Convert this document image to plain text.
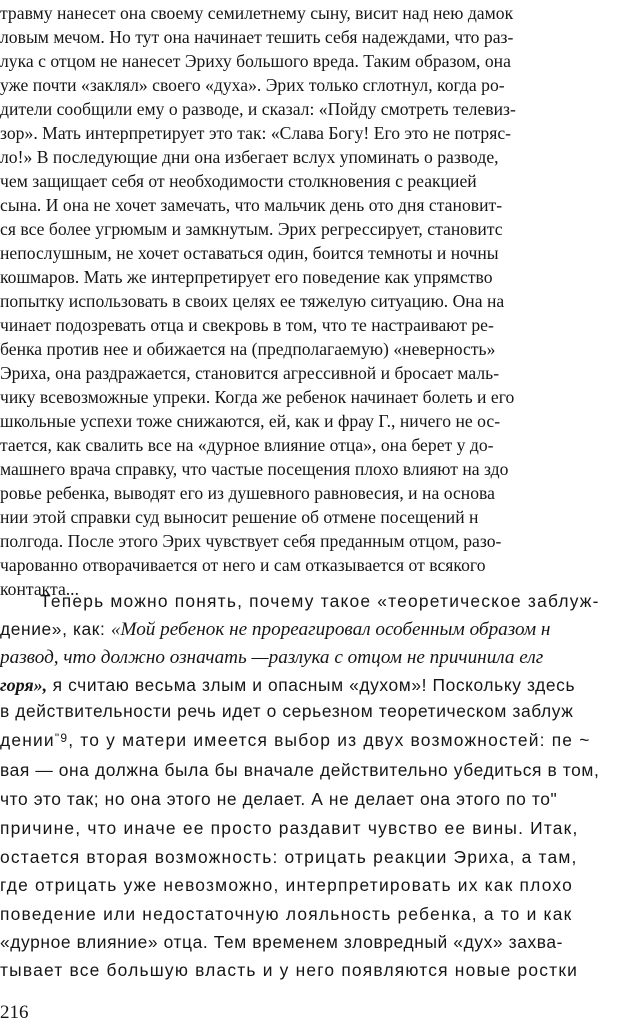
травму нанесет она своему семилетнему сыну, висит над нею дамок
ловым мечом. Но тут она начинает тешить себя надеждами, что раз-
лука с отцом не нанесет Эриху большого вреда. Таким образом, она
уже почти «заклял» своего «духа». Эрих только сглотнул, когда ро-
дители сообщили ему о разводе, и сказал: «Пойду смотреть телевиз-
зор». Мать интерпретирует это так: «Слава Богу! Его это не потряс-
ло!» В последующие дни она избегает вслух упоминать о разводе,
чем защищает себя от необходимости столкновения с реакцией
сына. И она не хочет замечать, что мальчик день ото дня становит-
ся все более угрюмым и замкнутым. Эрих регрессирует, становитс
непослушным, не хочет оставаться один, боится темноты и ночны
кошмаров. Мать же интерпретирует его поведение как упрямство
попытку использовать в своих целях ее тяжелую ситуацию. Она на
чинает подозревать отца и свекровь в том, что те настраивают ре-
бенка против нее и обижается на (предполагаемую) «неверность»
Эриха, она раздражается, становится агрессивной и бросает маль-
чику всевозможные упреки. Когда же ребенок начинает болеть и его
школьные успехи тоже снижаются, ей, как и фрау Г., ничего не ос-
тается, как свалить все на «дурное влияние отца», она берет у до-
машнего врача справку, что частые посещения плохо влияют на здо
ровье ребенка, выводят его из душевного равновесия, и на основа
нии этой справки суд выносит решение об отмене посещений н
полгода. После этого Эрих чувствует себя преданным отцом, разо-
чарованно отворачивается от него и сам отказывается от всякого
контакта...
Теперь можно понять, почему такое «теоретическое заблуж-
дение», как: «Мой ребенок не прореагировал особенным образом н
развод, что должно означать —разлука с отцом не причинила елг
горя», я считаю весьма злым и опасным «духом»! Поскольку здесь
в действительности речь идет о серьезном теоретическом заблуж
дении$^{"9}$, то у матери имеется выбор из двух возможностей: пе ~
вая — она должна была бы вначале действительно убедиться в том,
что это так; но она этого не делает. А не делает она этого по то"
причине, что иначе ее просто раздавит чувство ее вины. Итак,
остается вторая возможность: отрицать реакции Эриха, а там,
где отрицать уже невозможно, интерпретировать их как плохо
поведение или недостаточную лояльность ребенка, а то и как
«дурное влияние» отца. Тем временем зловредный «дух» захва-
тывает все большую власть и у него появляются новые ростки
216
